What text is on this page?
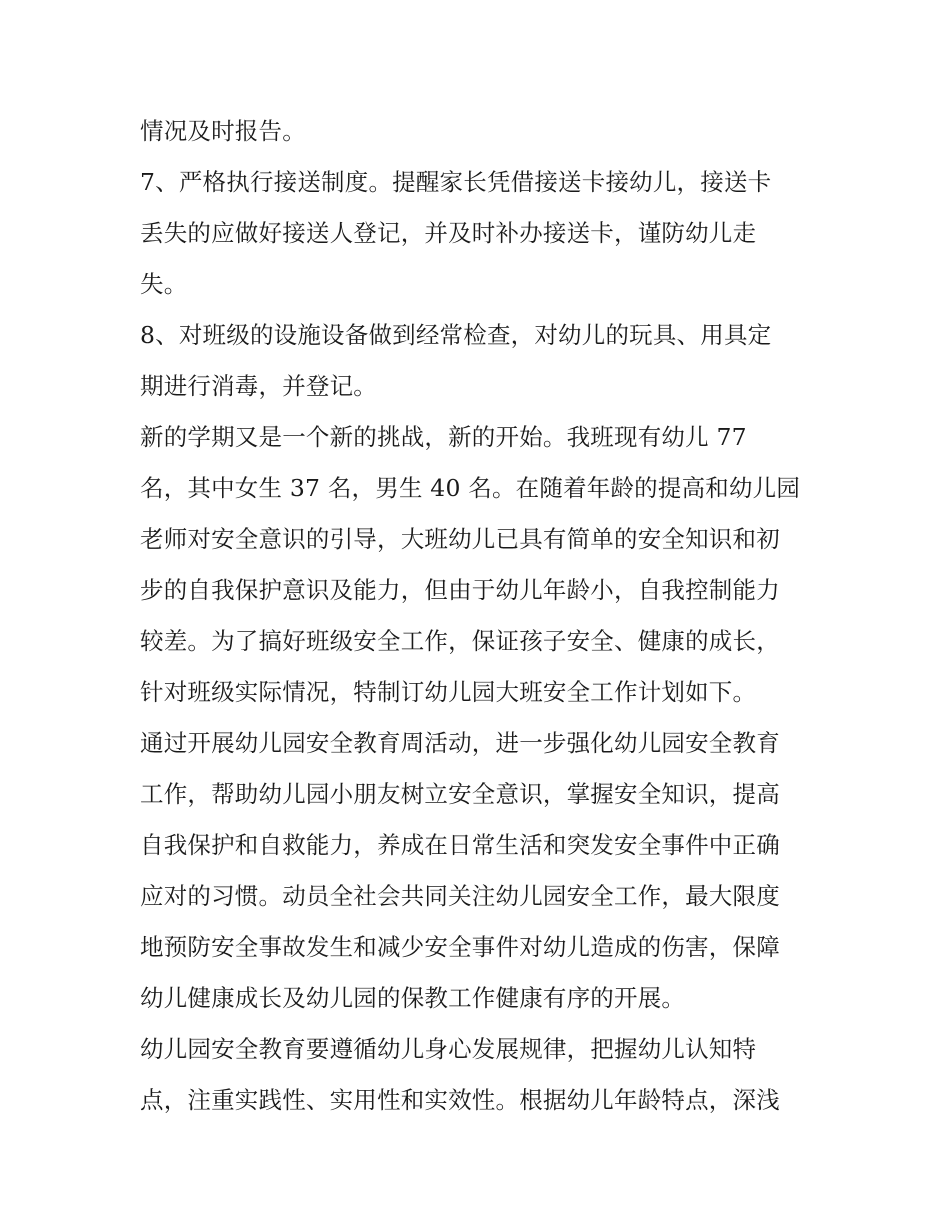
情况及时报告。
7、严格执行接送制度。提醒家长凭借接送卡接幼儿，接送卡
丢失的应做好接送人登记，并及时补办接送卡，谨防幼儿走
失。
8、对班级的设施设备做到经常检查，对幼儿的玩具、用具定
期进行消毒，并登记。
新的学期又是一个新的挑战，新的开始。我班现有幼儿 77
名，其中女生 37 名，男生 40 名。在随着年龄的提高和幼儿园
老师对安全意识的引导，大班幼儿已具有简单的安全知识和初
步的自我保护意识及能力，但由于幼儿年龄小，自我控制能力
较差。为了搞好班级安全工作，保证孩子安全、健康的成长，
针对班级实际情况，特制订幼儿园大班安全工作计划如下。
通过开展幼儿园安全教育周活动，进一步强化幼儿园安全教育
工作，帮助幼儿园小朋友树立安全意识，掌握安全知识，提高
自我保护和自救能力，养成在日常生活和突发安全事件中正确
应对的习惯。动员全社会共同关注幼儿园安全工作，最大限度
地预防安全事故发生和减少安全事件对幼儿造成的伤害，保障
幼儿健康成长及幼儿园的保教工作健康有序的开展。
幼儿园安全教育要遵循幼儿身心发展规律，把握幼儿认知特
点，注重实践性、实用性和实效性。根据幼儿年龄特点，深浅
